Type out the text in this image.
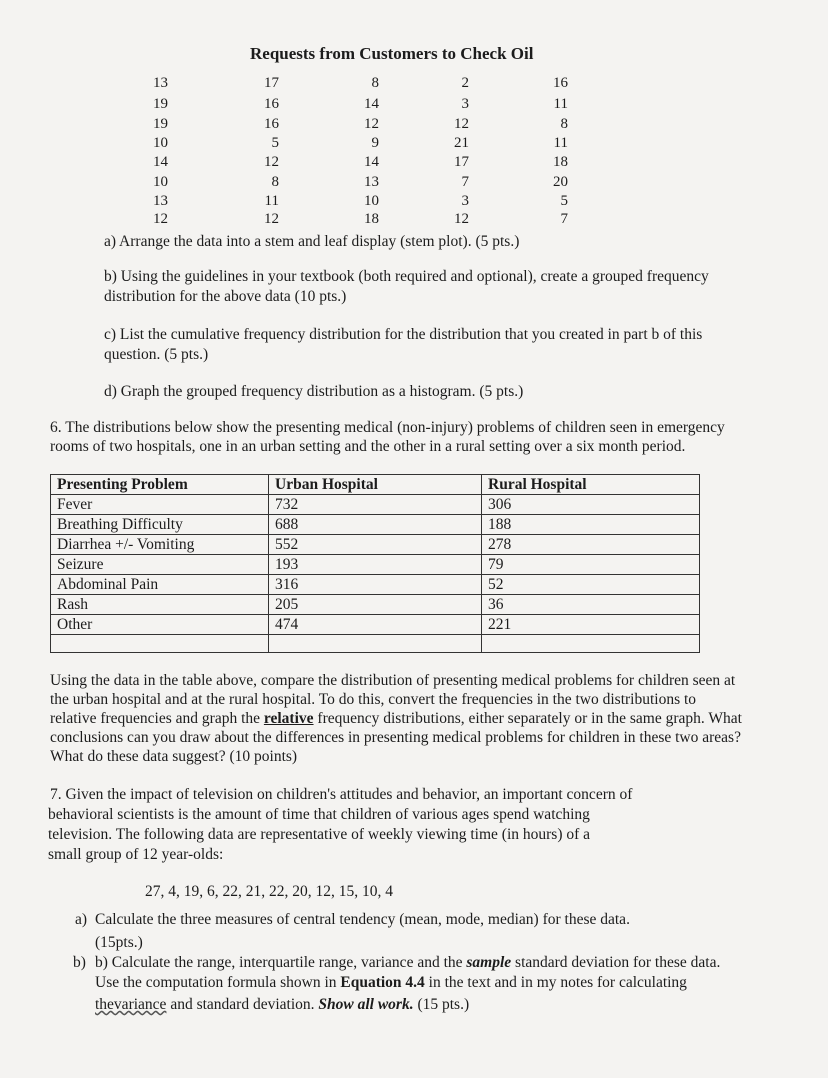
Requests from Customers to Check Oil
13	17	8	2	16
19	16	14	3	11
19	16	12	12	8
10	5	9	21	11
14	12	14	17	18
10	8	13	7	20
13	11	10	3	5
12	12	18	12	7
a) Arrange the data into a stem and leaf display (stem plot). (5 pts.)
b) Using the guidelines in your textbook (both required and optional), create a grouped frequency
distribution for the above data (10 pts.)
c) List the cumulative frequency distribution for the distribution that you created in part b of this
question. (5 pts.)
d) Graph the grouped frequency distribution as a histogram. (5 pts.)
6. The distributions below show the presenting medical (non-injury) problems of children seen in emergency
rooms of two hospitals, one in an urban setting and the other in a rural setting over a six month period.
Presenting Problem	Urban Hospital	Rural Hospital
Fever	732	306
Breathing Difficulty	688	188
Diarrhea +/- Vomiting	552	278
Seizure	193	79
Abdominal Pain	316	52
Rash	205	36
Other	474	221

Using the data in the table above, compare the distribution of presenting medical problems for children seen at
the urban hospital and at the rural hospital. To do this, convert the frequencies in the two distributions to
relative frequencies and graph the relative frequency distributions, either separately or in the same graph. What
conclusions can you draw about the differences in presenting medical problems for children in these two areas?
What do these data suggest? (10 points)
7. Given the impact of television on children's attitudes and behavior, an important concern of
behavioral scientists is the amount of time that children of various ages spend watching
television. The following data are representative of weekly viewing time (in hours) of a
small group of 12 year-olds:
27, 4, 19, 6, 22, 21, 22, 20, 12, 15, 10, 4
a) Calculate the three measures of central tendency (mean, mode, median) for these data.
(15pts.)
b) b) Calculate the range, interquartile range, variance and the sample standard deviation for these data.
Use the computation formula shown in Equation 4.4 in the text and in my notes for calculating
thevariance and standard deviation. Show all work. (15 pts.)
